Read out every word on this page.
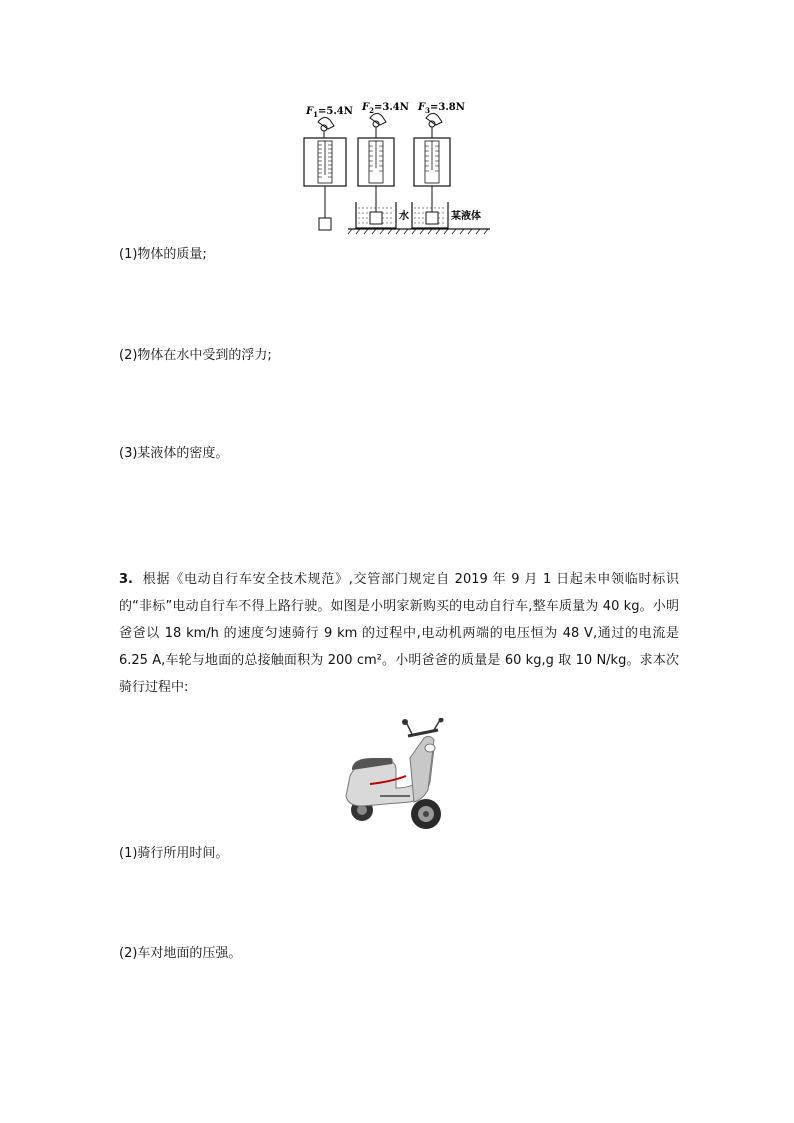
$F_1=5.4N$ $F_2=3.4N$ $F_3=3.8N$
水	某液体
(1)物体的质量;
(2)物体在水中受到的浮力;
(3)某液体的密度。
3. 根据《电动自行车安全技术规范》,交管部门规定自 2019 年 9 月 1 日起未申领临时标识的“非标”电动自行车不得上路行驶。如图是小明家新购买的电动自行车,整车质量为 40 kg。小明爸爸以 18 km/h 的速度匀速骑行 9 km 的过程中,电动机两端的电压恒为 48 V,通过的电流是 6.25 A,车轮与地面的总接触面积为 200 cm²。小明爸爸的质量是 60 kg,g 取 10 N/kg。求本次骑行过程中:
(1)骑行所用时间。
(2)车对地面的压强。
